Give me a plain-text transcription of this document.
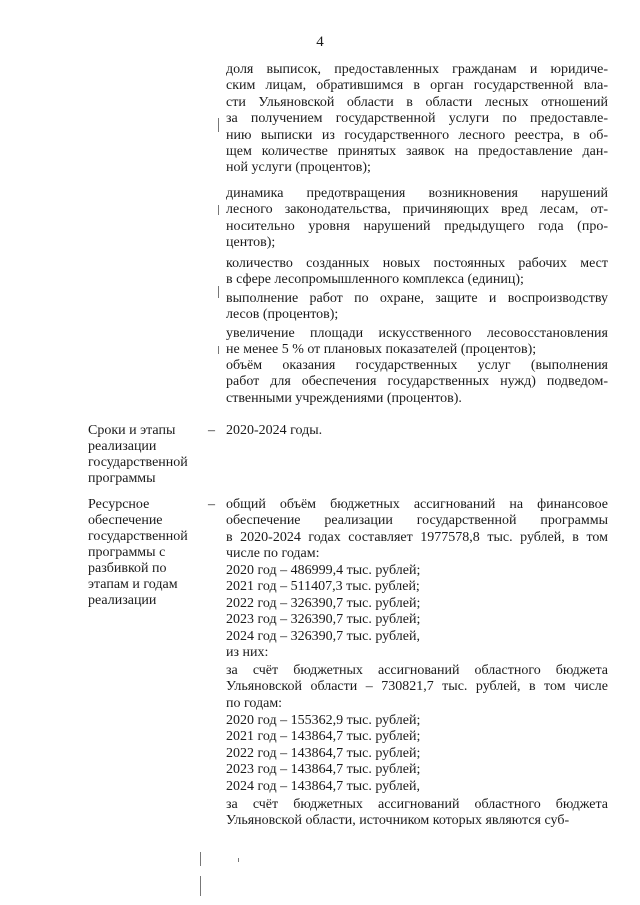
4
доля выписок, предоставленных гражданам и юридиче-
ским лицам, обратившимся в орган государственной вла-
сти Ульяновской области в области лесных отношений
за получением государственной услуги по предоставле-
нию выписки из государственного лесного реестра, в об-
щем количестве принятых заявок на предоставление дан-
ной услуги (процентов);
динамика предотвращения возникновения нарушений
лесного законодательства, причиняющих вред лесам, от-
носительно уровня нарушений предыдущего года (про-
центов);
количество созданных новых постоянных рабочих мест
в сфере лесопромышленного комплекса (единиц);
выполнение работ по охране, защите и воспроизводству
лесов (процентов);
увеличение площади искусственного лесовосстановления
не менее 5 % от плановых показателей (процентов);
объём оказания государственных услуг (выполнения
работ для обеспечения государственных нужд) подведом-
ственными учреждениями (процентов).
Сроки и этапы
реализации
государственной
программы
– 2020-2024 годы.
Ресурсное
обеспечение
государственной
программы с
разбивкой по
этапам и годам
реализации
– общий объём бюджетных ассигнований на финансовое
обеспечение реализации государственной программы
в 2020-2024 годах составляет 1977578,8 тыс. рублей, в том
числе по годам:
2020 год – 486999,4 тыс. рублей;
2021 год – 511407,3 тыс. рублей;
2022 год – 326390,7 тыс. рублей;
2023 год – 326390,7 тыс. рублей;
2024 год – 326390,7 тыс. рублей,
из них:
за счёт бюджетных ассигнований областного бюджета
Ульяновской области – 730821,7 тыс. рублей, в том числе
по годам:
2020 год – 155362,9 тыс. рублей;
2021 год – 143864,7 тыс. рублей;
2022 год – 143864,7 тыс. рублей;
2023 год – 143864,7 тыс. рублей;
2024 год – 143864,7 тыс. рублей,
за счёт бюджетных ассигнований областного бюджета
Ульяновской области, источником которых являются суб-
